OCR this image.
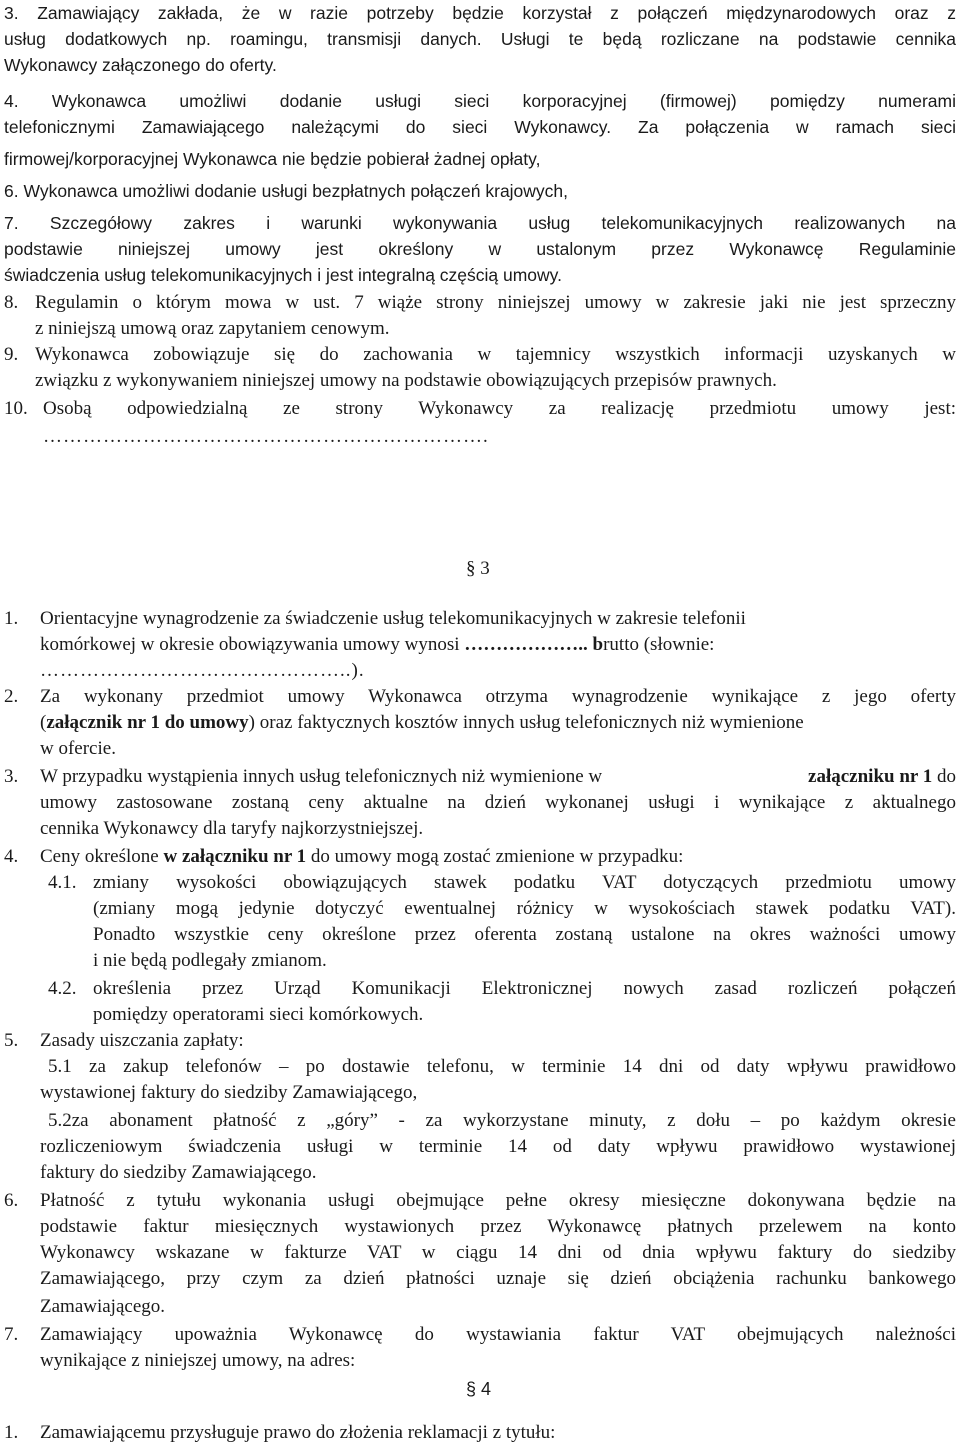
3. Zamawiający zakłada, że w razie potrzeby będzie korzystał z połączeń międzynarodowych oraz z
usług dodatkowych np. roamingu, transmisji danych. Usługi te będą rozliczane na podstawie cennika
Wykonawcy załączonego do oferty.
4. Wykonawca umożliwi dodanie usługi sieci korporacyjnej (firmowej) pomiędzy numerami
telefonicznymi Zamawiającego należącymi do sieci Wykonawcy. Za połączenia w ramach sieci
firmowej/korporacyjnej Wykonawca nie będzie pobierał żadnej opłaty,
6. Wykonawca umożliwi dodanie usługi bezpłatnych połączeń krajowych,
7. Szczegółowy zakres i warunki wykonywania usług telekomunikacyjnych realizowanych na
podstawie niniejszej umowy jest określony w ustalonym przez Wykonawcę Regulaminie
świadczenia usług telekomunikacyjnych i jest integralną częścią umowy.
8. Regulamin o którym mowa w ust. 7 wiąże strony niniejszej umowy w zakresie jaki nie jest sprzeczny
z niniejszą umową oraz zapytaniem cenowym.
9. Wykonawca zobowiązuje się do zachowania w tajemnicy wszystkich informacji uzyskanych w
związku z wykonywaniem niniejszej umowy na podstawie obowiązujących przepisów prawnych.
10. Osobą odpowiedzialną ze strony Wykonawcy za realizację przedmiotu umowy jest:
………………………………………………………….
§ 3
1. Orientacyjne wynagrodzenie za świadczenie usług telekomunikacyjnych w zakresie telefonii
komórkowej w okresie obowiązywania umowy wynosi ……………….. brutto (słownie:
………………………………………..).
2. Za wykonany przedmiot umowy Wykonawca otrzyma wynagrodzenie wynikające z jego oferty
(załącznik nr 1 do umowy) oraz faktycznych kosztów innych usług telefonicznych niż wymienione
w ofercie.
3. W przypadku wystąpienia innych usług telefonicznych niż wymienione w	załączniku nr 1 do
umowy zastosowane zostaną ceny aktualne na dzień wykonanej usługi i wynikające z aktualnego
cennika Wykonawcy dla taryfy najkorzystniejszej.
4. Ceny określone w załączniku nr 1 do umowy mogą zostać zmienione w przypadku:
4.1. zmiany wysokości obowiązujących stawek podatku VAT dotyczących przedmiotu umowy
(zmiany mogą jedynie dotyczyć ewentualnej różnicy w wysokościach stawek podatku VAT).
Ponadto wszystkie ceny określone przez oferenta zostaną ustalone na okres ważności umowy
i nie będą podlegały zmianom.
4.2. określenia przez Urząd Komunikacji Elektronicznej nowych zasad rozliczeń połączeń
pomiędzy operatorami sieci komórkowych.
5. Zasady uiszczania zapłaty:
5.1 za zakup telefonów – po dostawie telefonu, w terminie 14 dni od daty wpływu prawidłowo
wystawionej faktury do siedziby Zamawiającego,
5.2za abonament płatność z „góry” - za wykorzystane minuty, z dołu – po każdym okresie
rozliczeniowym świadczenia usługi w terminie 14 od daty wpływu prawidłowo wystawionej
faktury do siedziby Zamawiającego.
6. Płatność z tytułu wykonania usługi obejmujące pełne okresy miesięczne dokonywana będzie na
podstawie faktur miesięcznych wystawionych przez Wykonawcę płatnych przelewem na konto
Wykonawcy wskazane w fakturze VAT w ciągu 14 dni od dnia wpływu faktury do siedziby
Zamawiającego, przy czym za dzień płatności uznaje się dzień obciążenia rachunku bankowego
Zamawiającego.
7. Zamawiający upoważnia Wykonawcę do wystawiania faktur VAT obejmujących należności
wynikające z niniejszej umowy, na adres:
§ 4
1. Zamawiającemu przysługuje prawo do złożenia reklamacji z tytułu:
